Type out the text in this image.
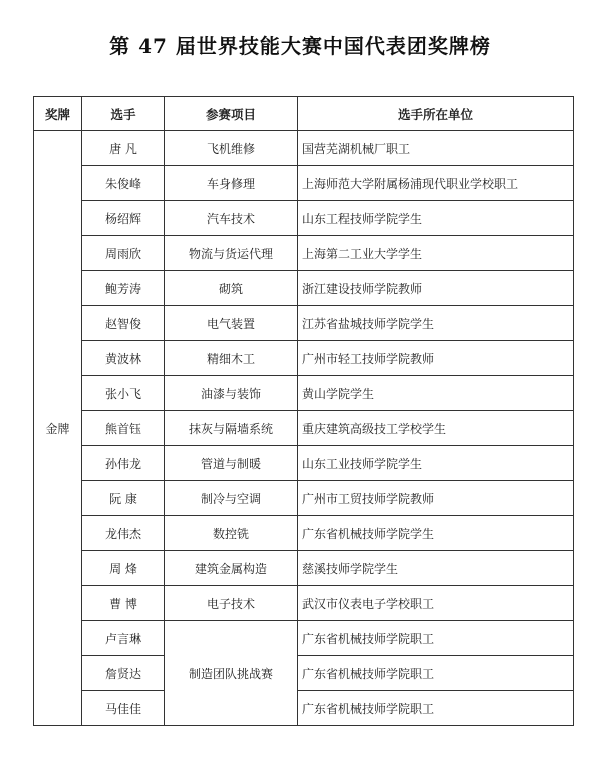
第 47 届世界技能大赛中国代表团奖牌榜
奖牌	选手	参赛项目	选手所在单位
金牌	唐 凡	飞机维修	国营芜湖机械厂职工
	朱俊峰	车身修理	上海师范大学附属杨浦现代职业学校职工
	杨绍辉	汽车技术	山东工程技师学院学生
	周雨欣	物流与货运代理	上海第二工业大学学生
	鲍芳涛	砌筑	浙江建设技师学院教师
	赵智俊	电气装置	江苏省盐城技师学院学生
	黄波林	精细木工	广州市轻工技师学院教师
	张小飞	油漆与装饰	黄山学院学生
	熊首钰	抹灰与隔墙系统	重庆建筑高级技工学校学生
	孙伟龙	管道与制暖	山东工业技师学院学生
	阮 康	制冷与空调	广州市工贸技师学院教师
	龙伟杰	数控铣	广东省机械技师学院学生
	周 烽	建筑金属构造	慈溪技师学院学生
	曹 博	电子技术	武汉市仪表电子学校职工
	卢言琳	制造团队挑战赛	广东省机械技师学院职工
	詹贤达		广东省机械技师学院职工
	马佳佳		广东省机械技师学院职工
